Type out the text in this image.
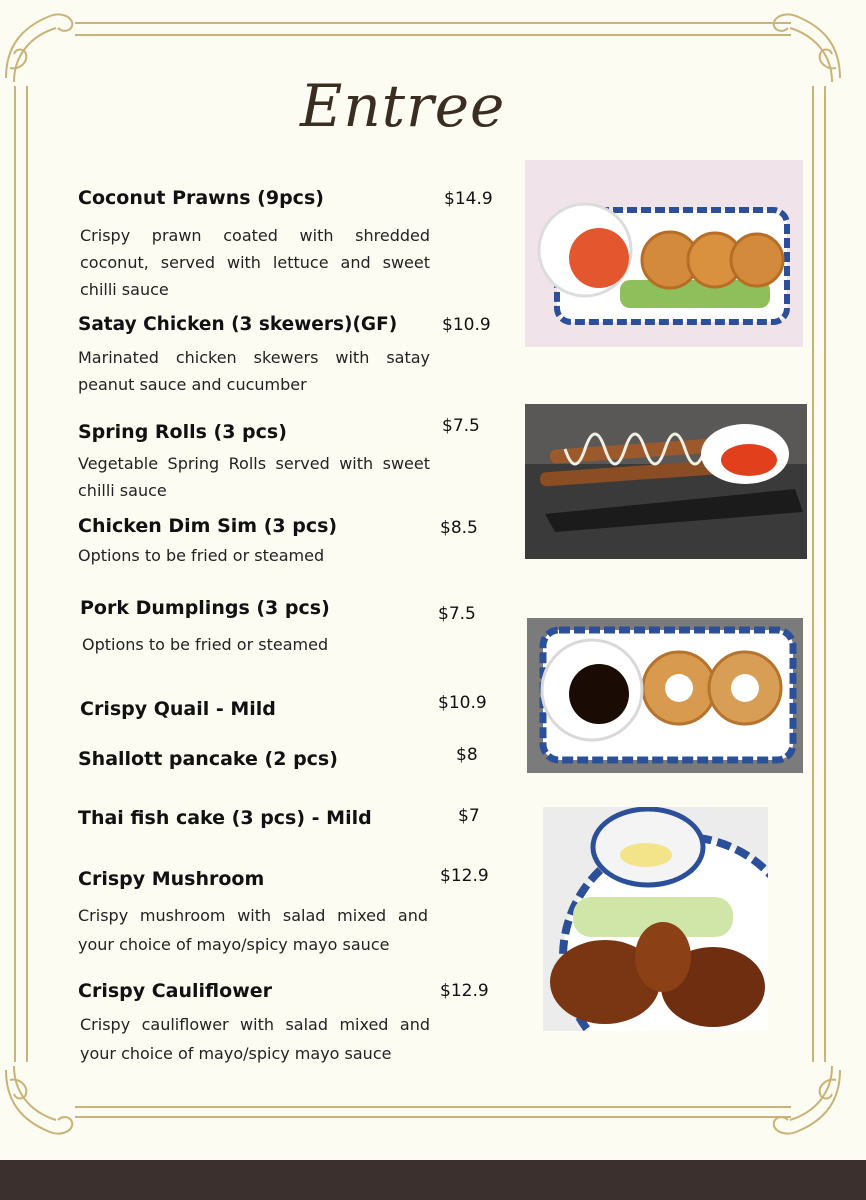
Entree
Coconut Prawns (9pcs)	$14.9
Crispy prawn coated with shredded coconut, served with lettuce and sweet chilli sauce
Satay Chicken (3 skewers)(GF)	$10.9
Marinated chicken skewers with satay peanut sauce and cucumber
Spring Rolls (3 pcs)	$7.5
Vegetable Spring Rolls served with sweet chilli sauce
Chicken Dim Sim (3 pcs)	$8.5
Options to be fried or steamed
Pork Dumplings (3 pcs)	$7.5
Options to be fried or steamed
Crispy Quail - Mild	$10.9
Shallott pancake (2 pcs)	$8
Thai fish cake (3 pcs) - Mild	$7
Crispy Mushroom	$12.9
Crispy mushroom with salad mixed and your choice of mayo/spicy mayo sauce
Crispy Cauliflower	$12.9
Crispy cauliflower with salad mixed and your choice of mayo/spicy mayo sauce
